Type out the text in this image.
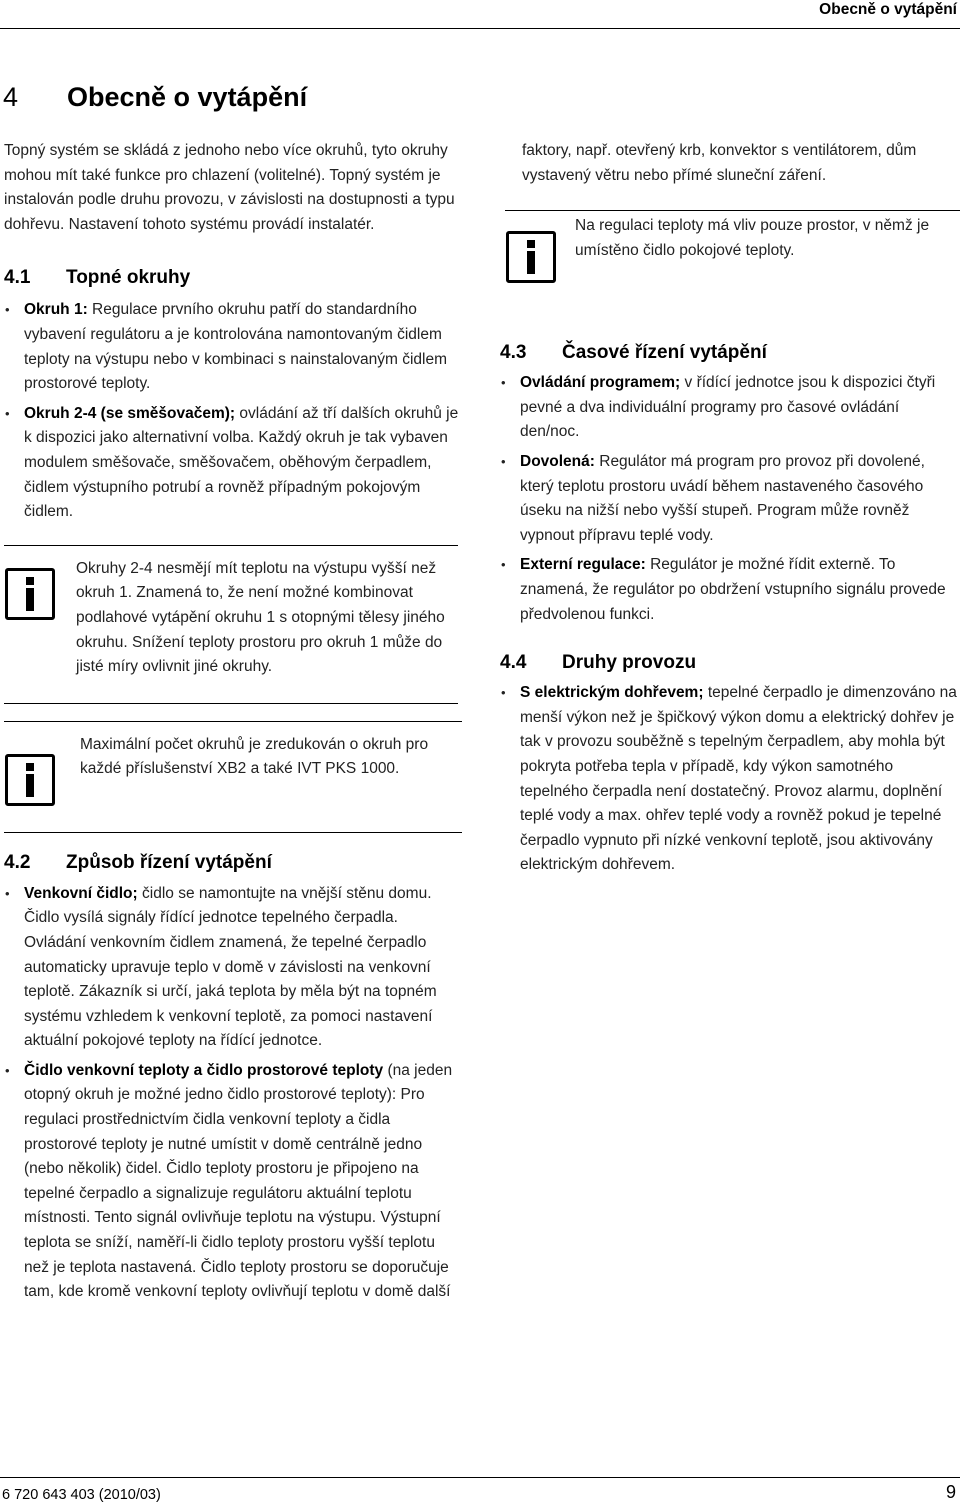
Obecně o vytápění
4 Obecně o vytápění

Topný systém se skládá z jednoho nebo více okruhů, tyto okruhy mohou mít také funkce pro chlazení (volitelné). Topný systém je instalován podle druhu provozu, v závislosti na dostupnosti a typu dohřevu. Nastavení tohoto systému provádí instalatér.

4.1 Topné okruhy
• Okruh 1: Regulace prvního okruhu patří do standardního vybavení regulátoru a je kontrolována namontovaným čidlem teploty na výstupu nebo v kombinaci s nainstalovaným čidlem prostorové teploty.
• Okruh 2-4 (se směšovačem); ovládání až tří dalších okruhů je k dispozici jako alternativní volba. Každý okruh je tak vybaven modulem směšovače, směšovačem, oběhovým čerpadlem, čidlem výstupního potrubí a rovněž případným pokojovým čidlem.

Okruhy 2-4 nesmějí mít teplotu na výstupu vyšší než okruh 1. Znamená to, že není možné kombinovat podlahové vytápění okruhu 1 s otopnými tělesy jiného okruhu. Snížení teploty prostoru pro okruh 1 může do jisté míry ovlivnit jiné okruhy.

Maximální počet okruhů je zredukován o okruh pro každé příslušenství XB2 a také IVT PKS 1000.

4.2 Způsob řízení vytápění
• Venkovní čidlo; čidlo se namontujte na vnější stěnu domu. Čidlo vysílá signály řídící jednotce tepelného čerpadla. Ovládání venkovním čidlem znamená, že tepelné čerpadlo automaticky upravuje teplo v domě v závislosti na venkovní teplotě. Zákazník si určí, jaká teplota by měla být na topném systému vzhledem k venkovní teplotě, za pomoci nastavení aktuální pokojové teploty na řídící jednotce.
• Čidlo venkovní teploty a čidlo prostorové teploty (na jeden otopný okruh je možné jedno čidlo prostorové teploty): Pro regulaci prostřednictvím čidla venkovní teploty a čidla prostorové teploty je nutné umístit v domě centrálně jedno (nebo několik) čidel. Čidlo teploty prostoru je připojeno na tepelné čerpadlo a signalizuje regulátoru aktuální teplotu místnosti. Tento signál ovlivňuje teplotu na výstupu. Výstupní teplota se sníží, naměří-li čidlo teploty prostoru vyšší teplotu než je teplota nastavená. Čidlo teploty prostoru se doporučuje tam, kde kromě venkovní teploty ovlivňují teplotu v domě další

faktory, např. otevřený krb, konvektor s ventilátorem, dům vystavený větru nebo přímé sluneční záření.

Na regulaci teploty má vliv pouze prostor, v němž je umístěno čidlo pokojové teploty.

4.3 Časové řízení vytápění
• Ovládání programem; v řídící jednotce jsou k dispozici čtyři pevné a dva individuální programy pro časové ovládání den/noc.
• Dovolená: Regulátor má program pro provoz při dovolené, který teplotu prostoru uvádí během nastaveného časového úseku na nižší nebo vyšší stupeň. Program může rovněž vypnout přípravu teplé vody.
• Externí regulace: Regulátor je možné řídit externě. To znamená, že regulátor po obdržení vstupního signálu provede předvolenou funkci.
4.4 Druhy provozu
• S elektrickým dohřevem; tepelné čerpadlo je dimenzováno na menší výkon než je špičkový výkon domu a elektrický dohřev je tak v provozu souběžně s tepelným čerpadlem, aby mohla být pokryta potřeba tepla v případě, kdy výkon samotného tepelného čerpadla není dostatečný. Provoz alarmu, doplnění teplé vody a max. ohřev teplé vody a rovněž pokud je tepelné čerpadlo vypnuto při nízké venkovní teplotě, jsou aktivovány elektrickým dohřevem.
6 720 643 403 (2010/03)	9
